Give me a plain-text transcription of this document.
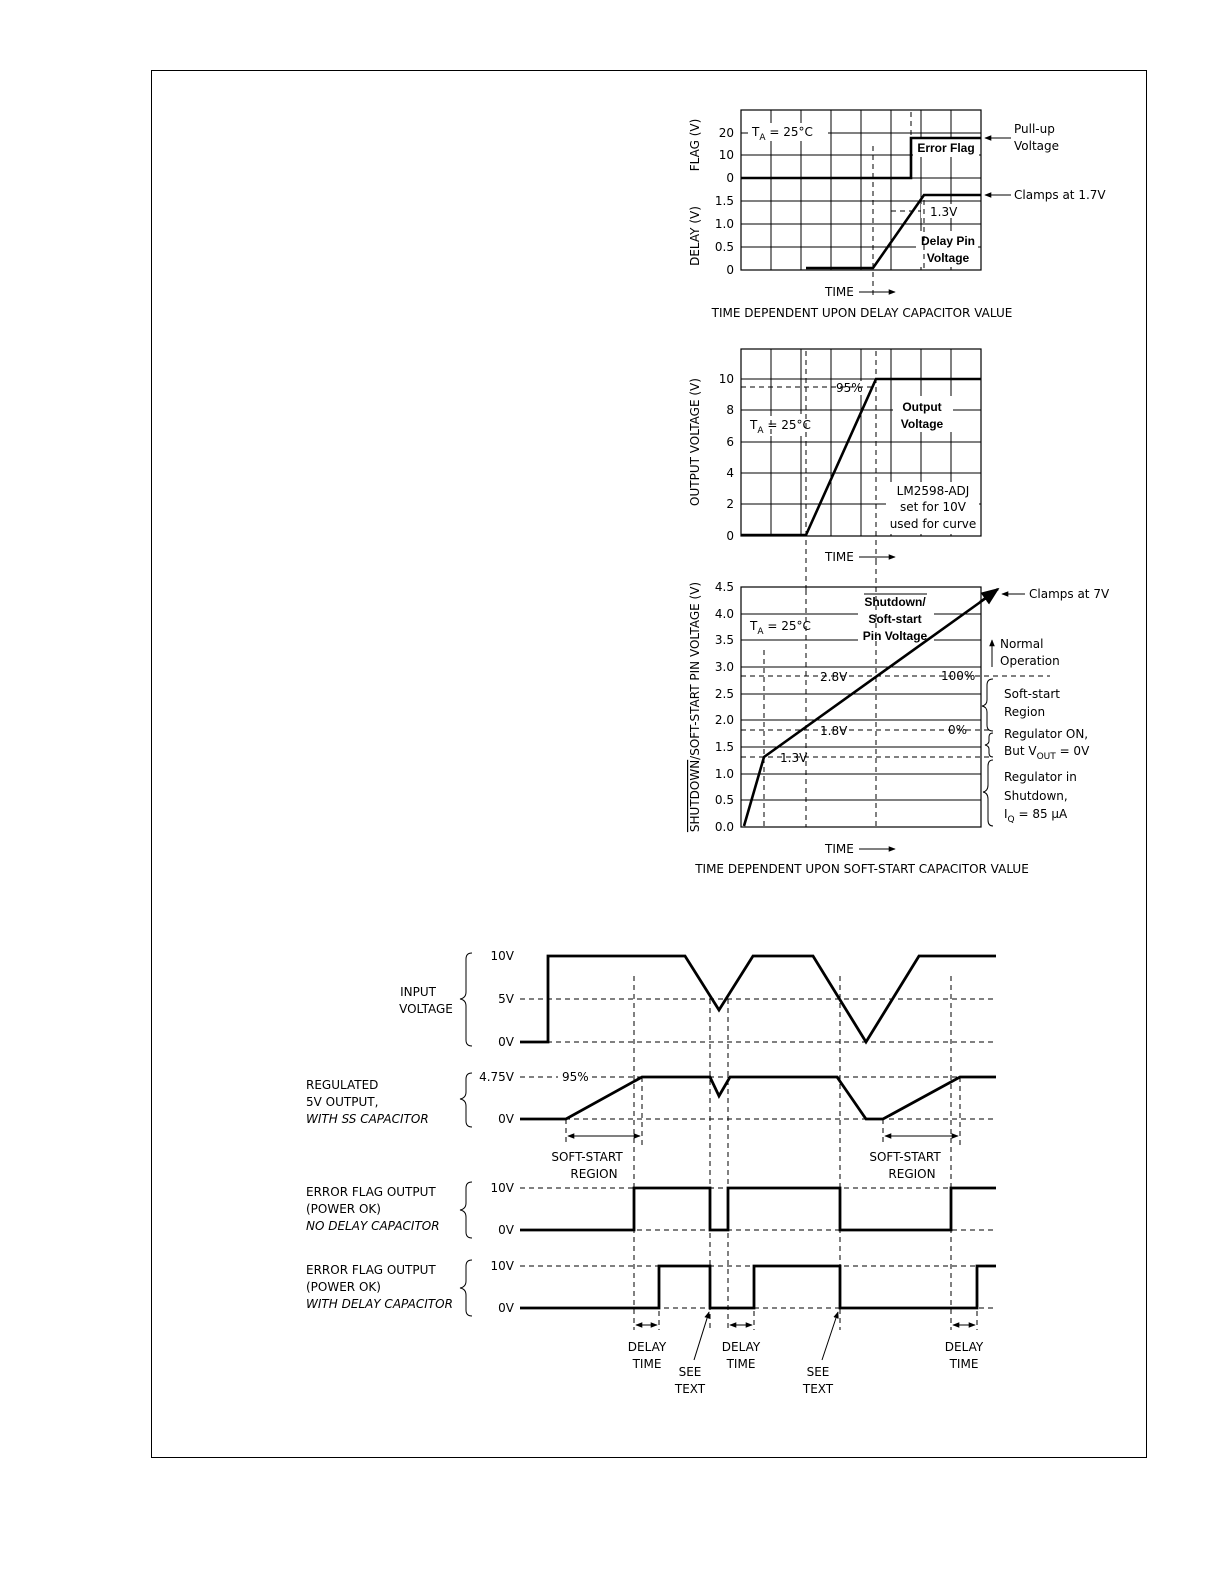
$T_A = 25^\circ C$
Error Flag
Delay Pin
Voltage
1.3V
20
10
0
1.5
1.0
0.5
0
FLAG (V)
DELAY (V)
Pull-up
Voltage
Clamps at 1.7V
TIME
TIME DEPENDENT UPON DELAY CAPACITOR VALUE
95%
Output
Voltage
$T_A = 25^\circ C$
LM2598-ADJ
set for 10V
used for curve
10
8
6
4
2
0
OUTPUT VOLTAGE (V)
TIME
Shutdown/
Soft-start
Pin Voltage
$T_A = 25^\circ C$
2.8V	100%
1.8V	0%
1.3V
4.5
4.0
3.5
3.0
2.5
2.0
1.5
1.0
0.5
0.0
SHUTDOWN/SOFT-START PIN VOLTAGE (V)	Clamps at 7V
Normal
Operation
Soft-start
Region
Regulator ON,
But $V_{OUT} = 0V$
Regulator in
Shutdown,
$I_Q = 85$ μA
TIME
TIME DEPENDENT UPON SOFT-START CAPACITOR VALUE
INPUT
VOLTAGE
10V
5V
0V
REGULATED
5V OUTPUT,
WITH SS CAPACITOR
4.75V	95%
0V
SOFT-START
REGION
SOFT-START
REGION
ERROR FLAG OUTPUT
(POWER OK)
NO DELAY CAPACITOR
10V
0V
ERROR FLAG OUTPUT
(POWER OK)
WITH DELAY CAPACITOR
10V
0V
DELAY
TIME
DELAY
TIME
DELAY
TIME
SEE
TEXT
SEE
TEXT
